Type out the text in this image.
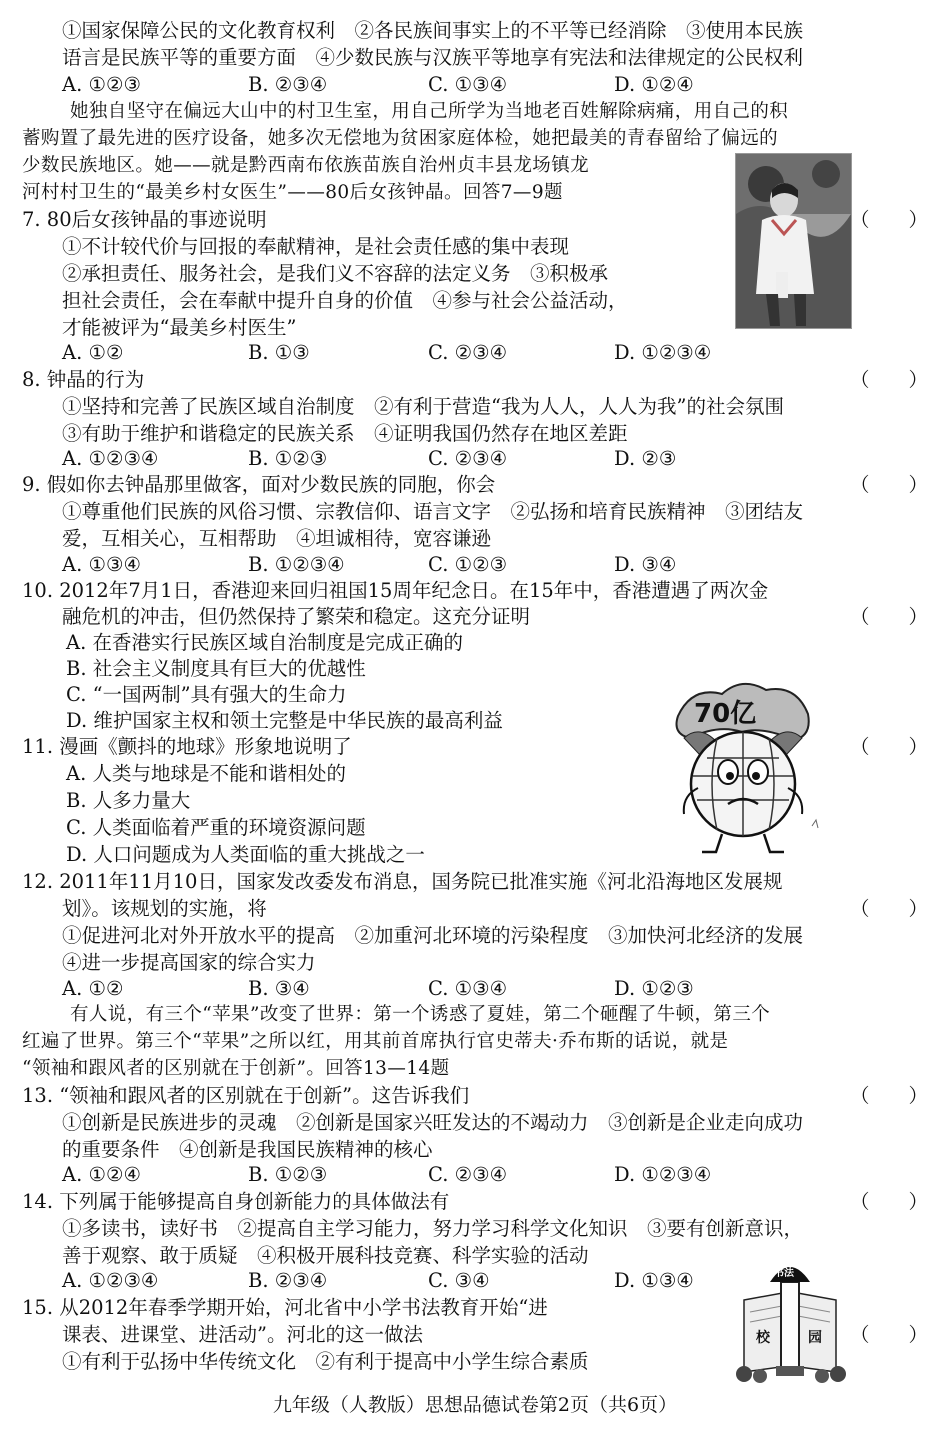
①国家保障公民的文化教育权利　②各民族间事实上的不平等已经消除　③使用本民族
语言是民族平等的重要方面　④少数民族与汉族平等地享有宪法和法律规定的公民权利
A. ①②③	B. ②③④	C. ①③④	D. ①②④
她独自坚守在偏远大山中的村卫生室，用自己所学为当地老百姓解除病痛，用自己的积
蓄购置了最先进的医疗设备，她多次无偿地为贫困家庭体检，她把最美的青春留给了偏远的
少数民族地区。她——就是黔西南布依族苗族自治州贞丰县龙场镇龙
河村村卫生的“最美乡村女医生”——80后女孩钟晶。回答7—9题
7. 80后女孩钟晶的事迹说明	（　　）
①不计较代价与回报的奉献精神，是社会责任感的集中表现
②承担责任、服务社会，是我们义不容辞的法定义务　③积极承
担社会责任，会在奉献中提升自身的价值　④参与社会公益活动，
才能被评为“最美乡村医生”
A. ①②	B. ①③	C. ②③④	D. ①②③④
8. 钟晶的行为	（　　）
①坚持和完善了民族区域自治制度　②有利于营造“我为人人，人人为我”的社会氛围
③有助于维护和谐稳定的民族关系　④证明我国仍然存在地区差距
A. ①②③④	B. ①②③	C. ②③④	D. ②③
9. 假如你去钟晶那里做客，面对少数民族的同胞，你会	（　　）
①尊重他们民族的风俗习惯、宗教信仰、语言文字　②弘扬和培育民族精神　③团结友
爱，互相关心，互相帮助　④坦诚相待，宽容谦逊
A. ①③④	B. ①②③④	C. ①②③	D. ③④
10. 2012年7月1日，香港迎来回归祖国15周年纪念日。在15年中，香港遭遇了两次金
融危机的冲击，但仍然保持了繁荣和稳定。这充分证明	（　　）
A. 在香港实行民族区域自治制度是完成正确的
B. 社会主义制度具有巨大的优越性
C. “一国两制”具有强大的生命力
D. 维护国家主权和领土完整是中华民族的最高利益	70亿
11. 漫画《颤抖的地球》形象地说明了	（　　）
A. 人类与地球是不能和谐相处的
B. 人多力量大
C. 人类面临着严重的环境资源问题
D. 人口问题成为人类面临的重大挑战之一
12. 2011年11月10日，国家发改委发布消息，国务院已批准实施《河北沿海地区发展规
划》。该规划的实施，将	（　　）
①促进河北对外开放水平的提高　②加重河北环境的污染程度　③加快河北经济的发展
④进一步提高国家的综合实力
A. ①②	B. ③④	C. ①③④	D. ①②③
有人说，有三个“苹果”改变了世界：第一个诱惑了夏娃，第二个砸醒了牛顿，第三个
红遍了世界。第三个“苹果”之所以红，用其前首席执行官史蒂夫·乔布斯的话说，就是
“领袖和跟风者的区别就在于创新”。回答13—14题
13. “领袖和跟风者的区别就在于创新”。这告诉我们	（　　）
①创新是民族进步的灵魂　②创新是国家兴旺发达的不竭动力　③创新是企业走向成功
的重要条件　④创新是我国民族精神的核心
A. ①②④	B. ①②③	C. ②③④	D. ①②③④
14. 下列属于能够提高自身创新能力的具体做法有	（　　）
①多读书，读好书　②提高自主学习能力，努力学习科学文化知识　③要有创新意识，
善于观察、敢于质疑　④积极开展科技竞赛、科学实验的活动
A. ①②③④	B. ②③④	C. ③④	D. ①③④
校	园
书法
15. 从2012年春季学期开始，河北省中小学书法教育开始“进
课表、进课堂、进活动”。河北的这一做法	（　　）
①有利于弘扬中华传统文化　②有利于提高中小学生综合素质
九年级（人教版）思想品德试卷第2页（共6页）
